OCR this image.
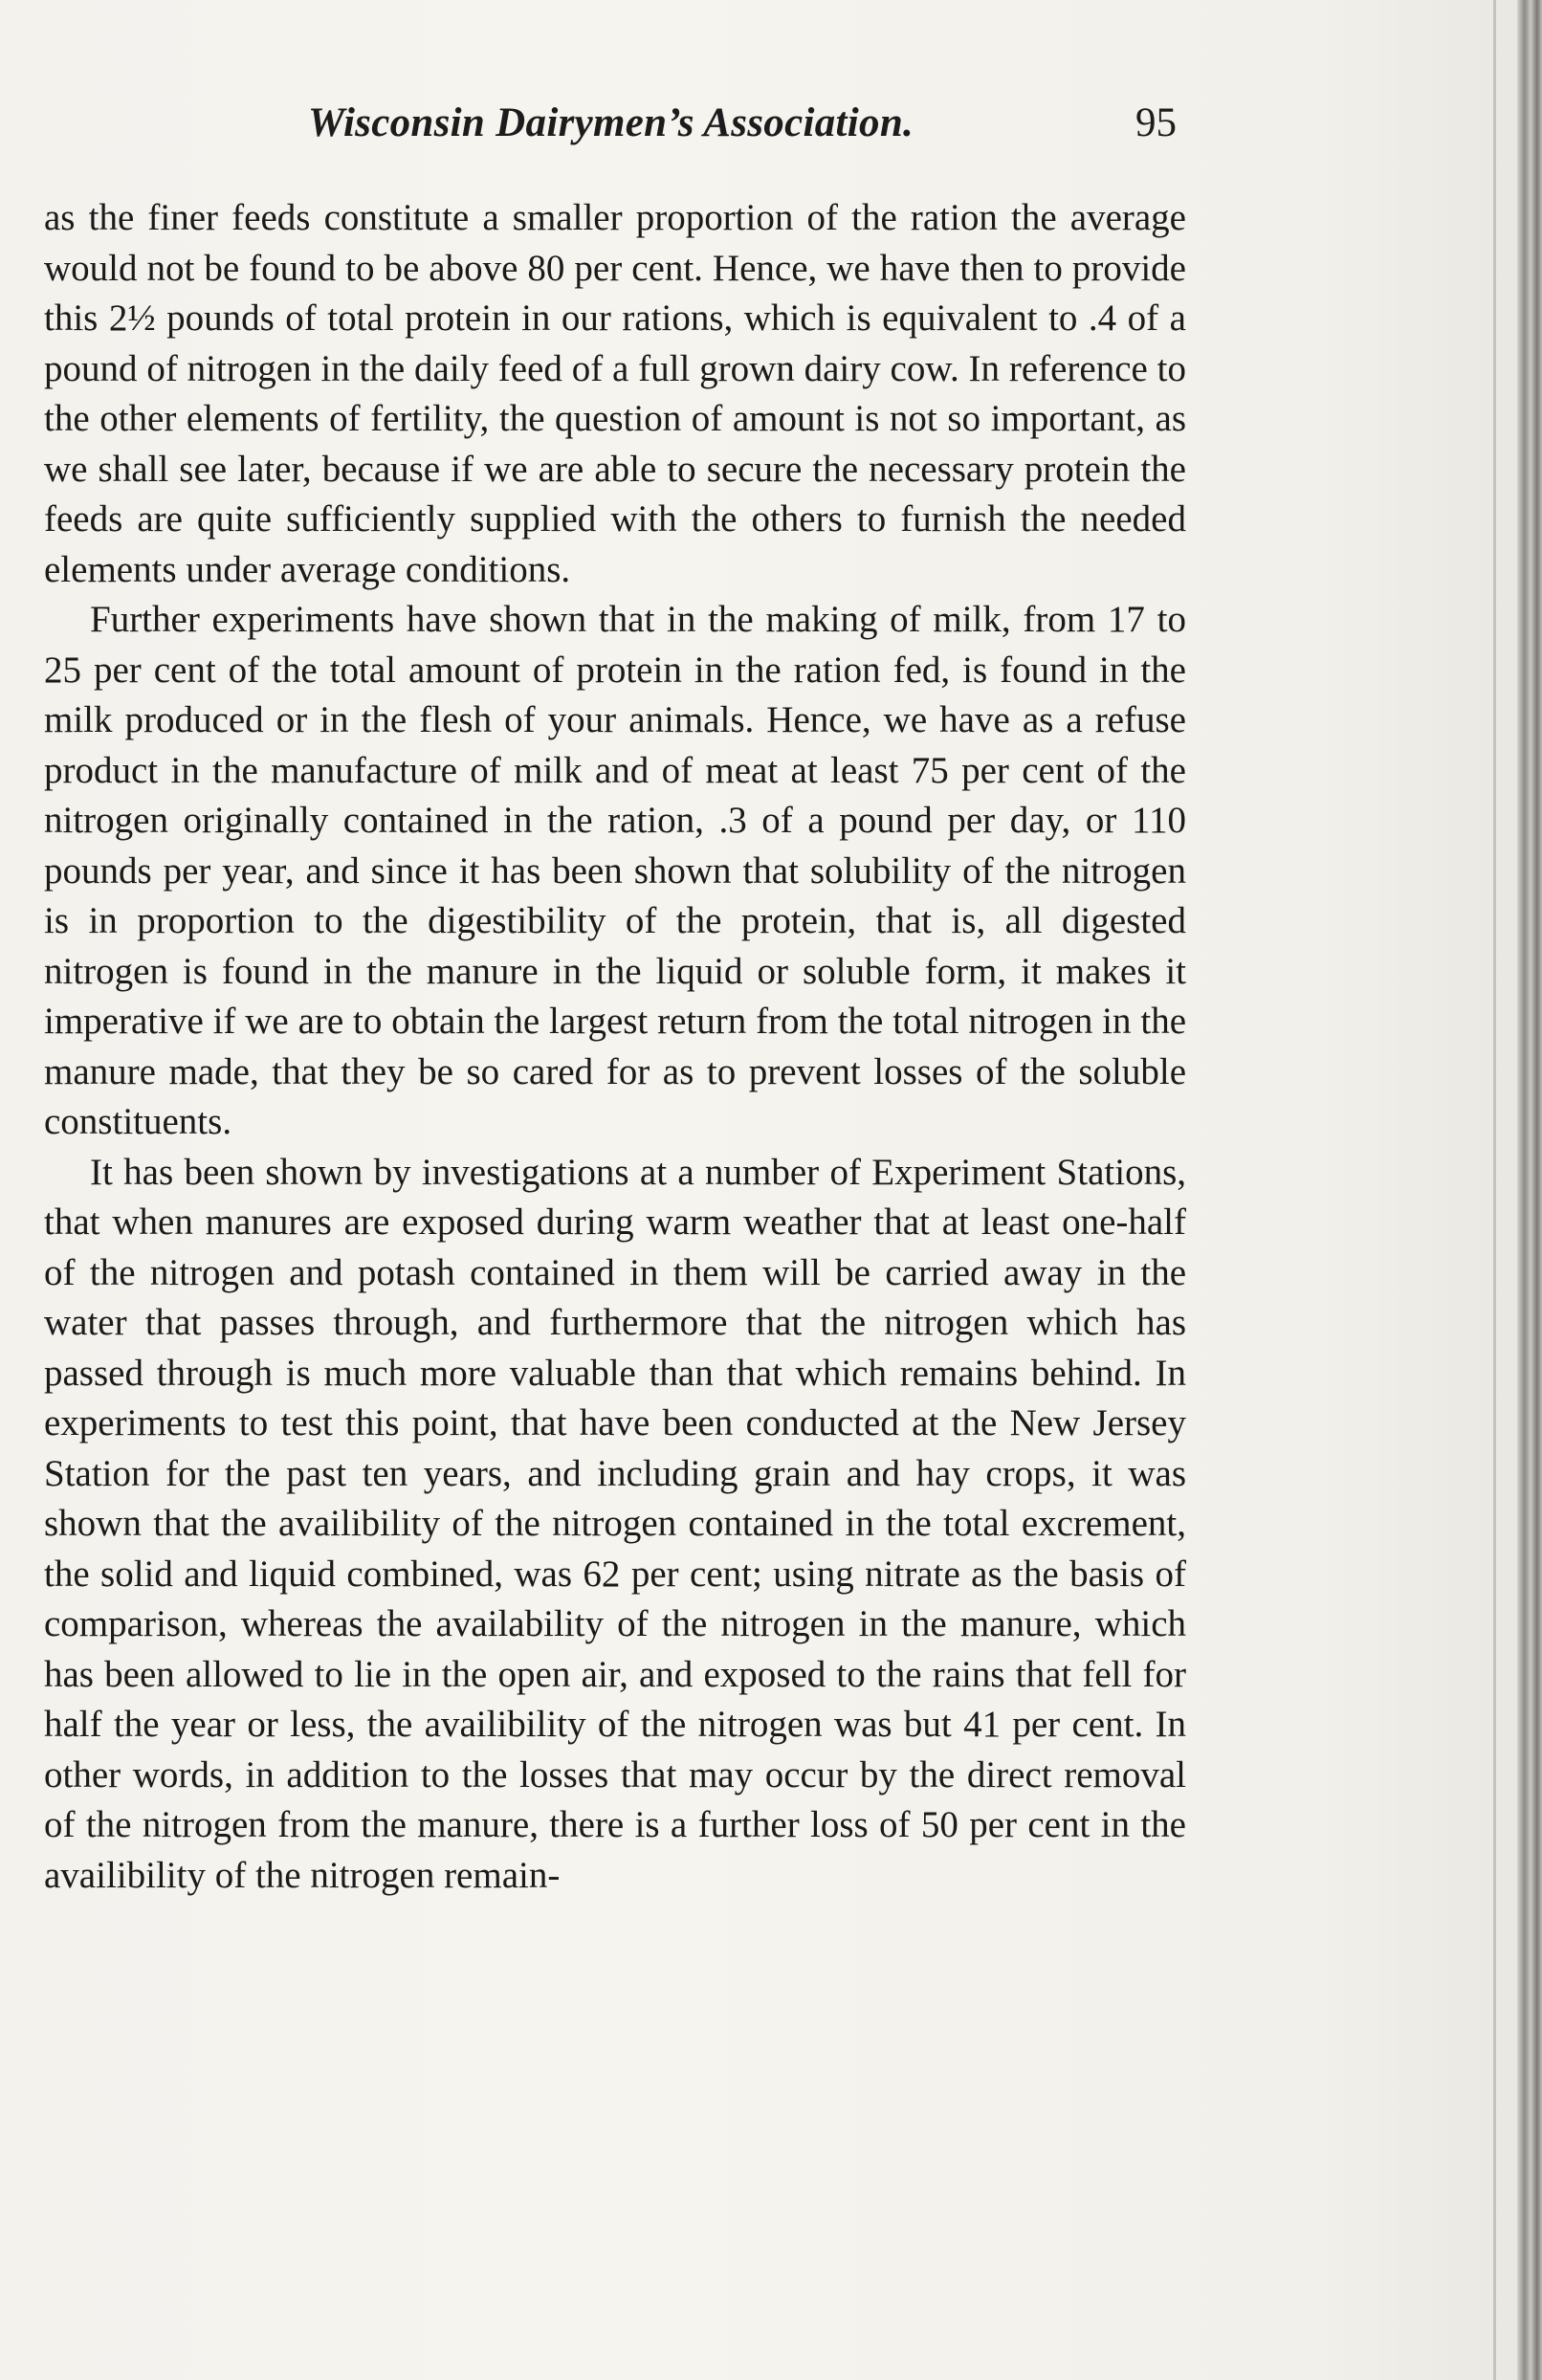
Wisconsin Dairymen’s Association.	95

as the finer feeds constitute a smaller proportion of the ration the average would not be found to be above 80 per cent. Hence, we have then to provide this 2½ pounds of total protein in our rations, which is equivalent to .4 of a pound of nitrogen in the daily feed of a full grown dairy cow. In reference to the other elements of fertility, the question of amount is not so important, as we shall see later, because if we are able to secure the necessary protein the feeds are quite sufficiently supplied with the others to furnish the needed elements under average conditions.

Further experiments have shown that in the making of milk, from 17 to 25 per cent of the total amount of protein in the ration fed, is found in the milk produced or in the flesh of your animals. Hence, we have as a refuse product in the manufacture of milk and of meat at least 75 per cent of the nitrogen originally contained in the ration, .3 of a pound per day, or 110 pounds per year, and since it has been shown that solubility of the nitrogen is in proportion to the digestibility of the protein, that is, all digested nitrogen is found in the manure in the liquid or soluble form, it makes it imperative if we are to obtain the largest return from the total nitrogen in the manure made, that they be so cared for as to prevent losses of the soluble constituents.

It has been shown by investigations at a number of Experiment Stations, that when manures are exposed during warm weather that at least one-half of the nitrogen and potash contained in them will be carried away in the water that passes through, and furthermore that the nitrogen which has passed through is much more valuable than that which remains behind. In experiments to test this point, that have been conducted at the New Jersey Station for the past ten years, and including grain and hay crops, it was shown that the availibility of the nitrogen contained in the total excrement, the solid and liquid combined, was 62 per cent; using nitrate as the basis of comparison, whereas the availability of the nitrogen in the manure, which has been allowed to lie in the open air, and exposed to the rains that fell for half the year or less, the availibility of the nitrogen was but 41 per cent. In other words, in addition to the losses that may occur by the direct removal of the nitrogen from the manure, there is a further loss of 50 per cent in the availibility of the nitrogen remain-
